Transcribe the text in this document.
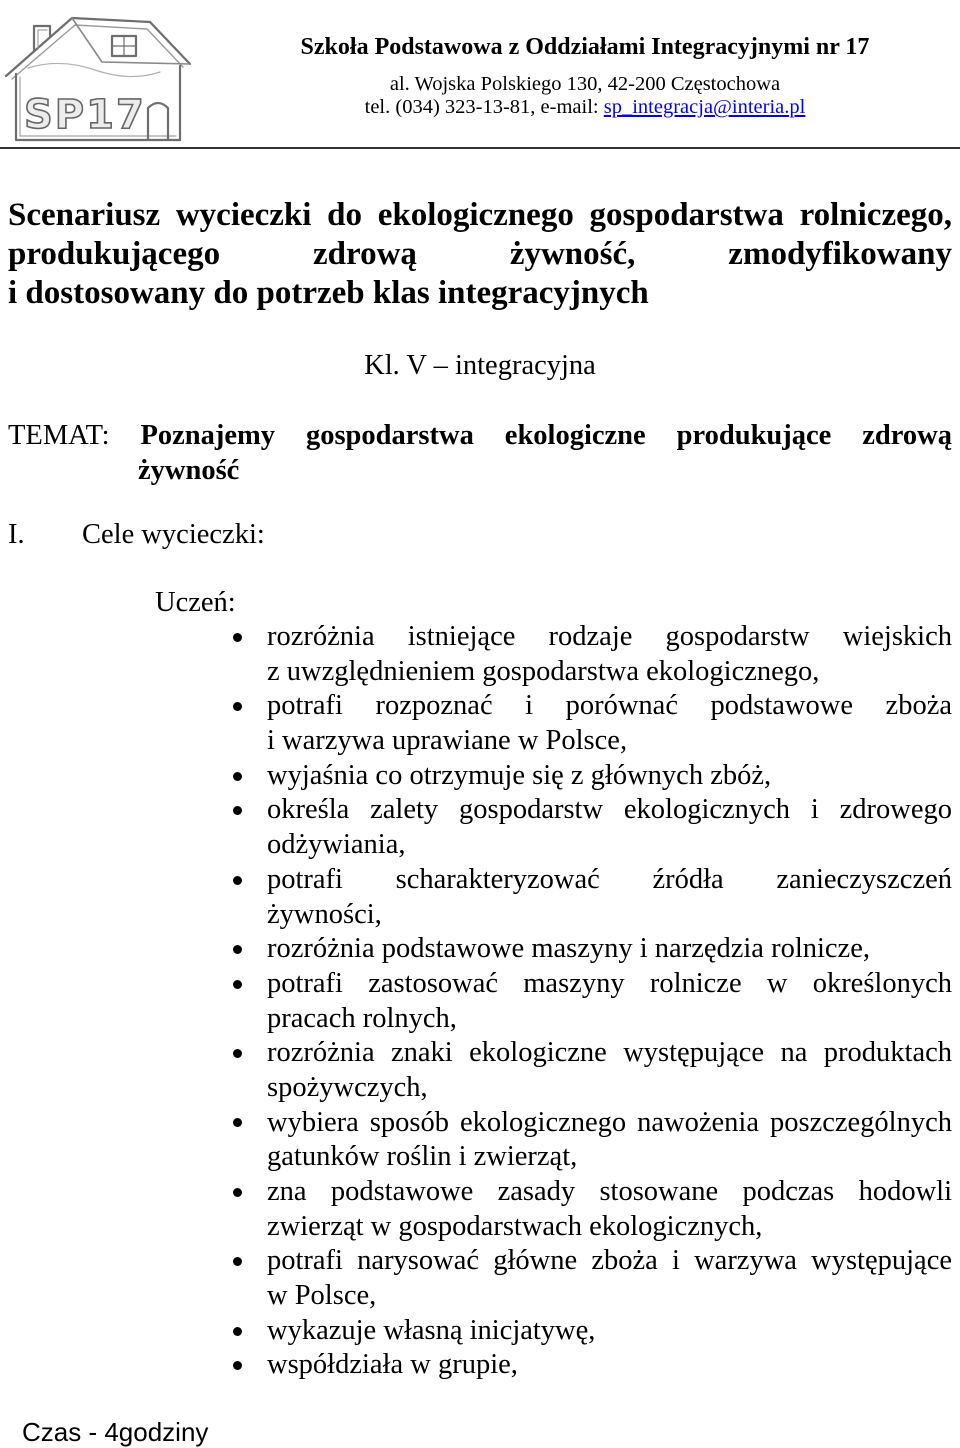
SP17
Szkoła Podstawowa z Oddziałami Integracyjnymi nr 17
al. Wojska Polskiego 130, 42-200 Częstochowa
tel. (034) 323-13-81, e-mail: sp_integracja@interia.pl
Scenariusz wycieczki do ekologicznego gospodarstwa rolniczego,
produkującego zdrową żywność, zmodyfikowany
i dostosowany do potrzeb klas integracyjnych
Kl. V – integracyjna
TEMAT: Poznajemy gospodarstwa ekologiczne produkujące zdrową
żywność
I. Cele wycieczki:
Uczeń:
rozróżnia istniejące rodzaje gospodarstw wiejskich
z uwzględnieniem gospodarstwa ekologicznego,
potrafi rozpoznać i porównać podstawowe zboża
i warzywa uprawiane w Polsce,
wyjaśnia co otrzymuje się z głównych zbóż,
określa zalety gospodarstw ekologicznych i zdrowego
odżywiania,
potrafi scharakteryzować źródła zanieczyszczeń
żywności,
rozróżnia podstawowe maszyny i narzędzia rolnicze,
potrafi zastosować maszyny rolnicze w określonych
pracach rolnych,
rozróżnia znaki ekologiczne występujące na produktach
spożywczych,
wybiera sposób ekologicznego nawożenia poszczególnych
gatunków roślin i zwierząt,
zna podstawowe zasady stosowane podczas hodowli
zwierząt w gospodarstwach ekologicznych,
potrafi narysować główne zboża i warzywa występujące
w Polsce,
wykazuje własną inicjatywę,
współdziała w grupie,
Czas - 4godziny
